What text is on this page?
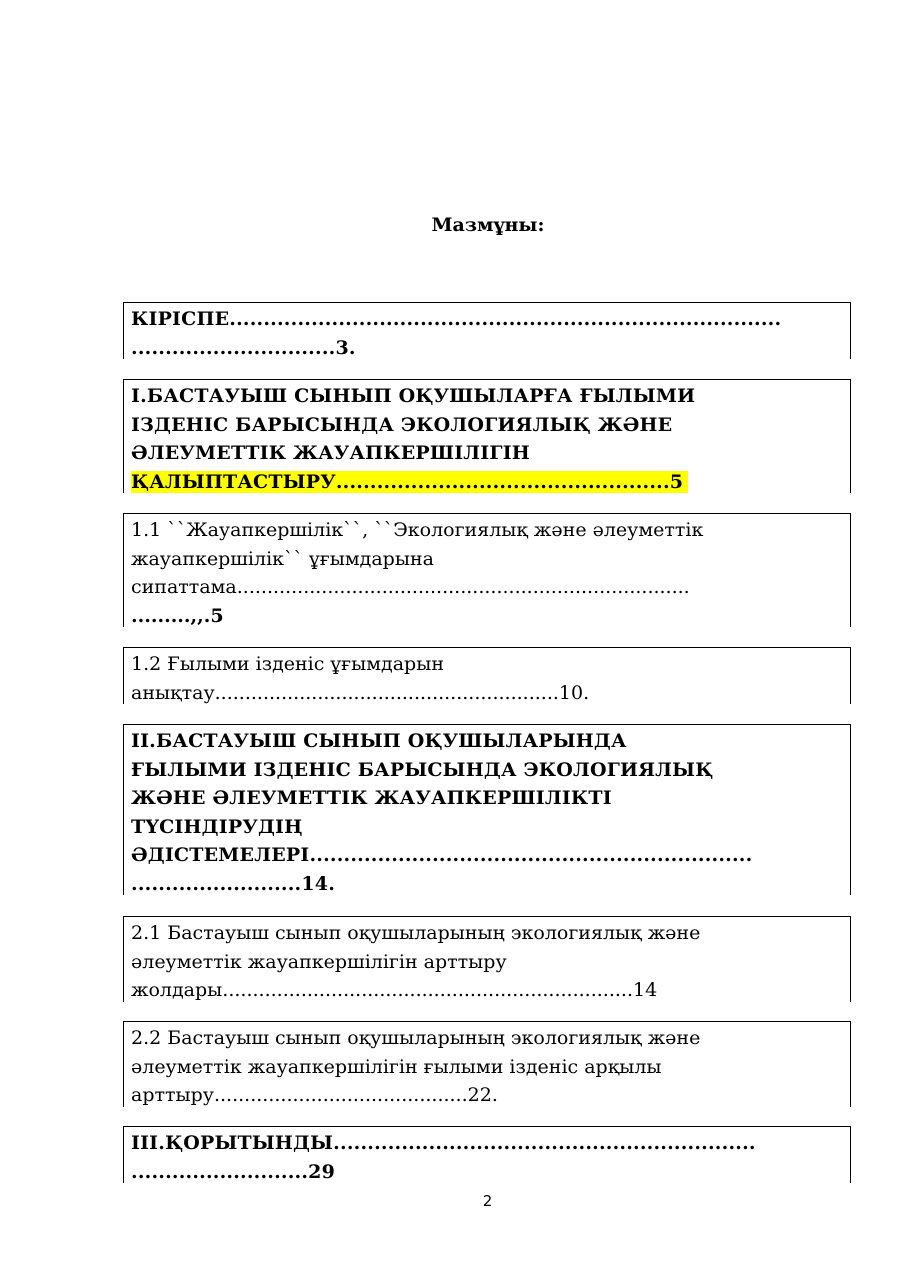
Мазмұны:
КІРІСПЕ.................................................................................
..............................3.
І.БАСТАУЫШ СЫНЫП ОҚУШЫЛАРҒА ҒЫЛЫМИ
ІЗДЕНІС БАРЫСЫНДА ЭКОЛОГИЯЛЫҚ ЖӘНЕ
ӘЛЕУМЕТТІК ЖАУАПКЕРШІЛІГІН
ҚАЛЫПТАСТЫРУ.................................................5
1.1 ``Жауапкершілік``, ``Экологиялық және әлеуметтік
жауапкершілік`` ұғымдарына
сипаттама...........................................................................
.........,,.5
1.2 Ғылыми ізденіс ұғымдарын
анықтау.........................................................10.
ІІ.БАСТАУЫШ СЫНЫП ОҚУШЫЛАРЫНДА
ҒЫЛЫМИ ІЗДЕНІС БАРЫСЫНДА ЭКОЛОГИЯЛЫҚ
ЖӘНЕ ӘЛЕУМЕТТІК ЖАУАПКЕРШІЛІКТІ
ТҮСІНДІРУДІҢ
ӘДІСТЕМЕЛЕРІ.................................................................
.........................14.
2.1 Бастауыш сынып оқушыларының экологиялық және
әлеуметтік жауапкершілігін арттыру
жолдары....................................................................14
2.2 Бастауыш сынып оқушыларының экологиялық және
әлеуметтік жауапкершілігін ғылыми ізденіс арқылы
арттыру..........................................22.
ІІІ.ҚОРЫТЫНДЫ..............................................................
..........................29
2
